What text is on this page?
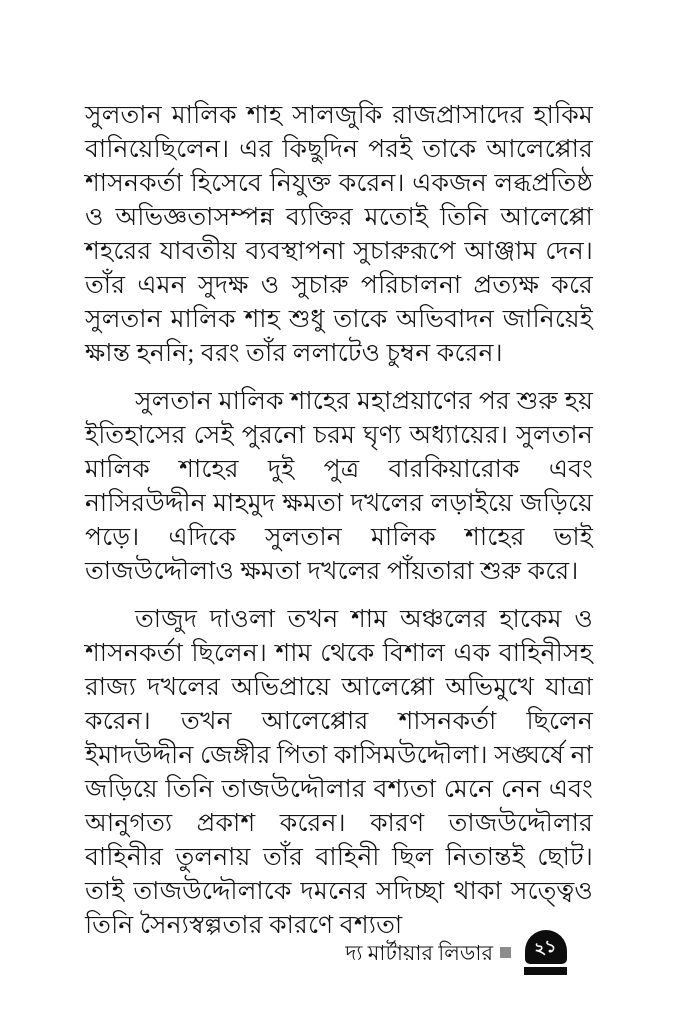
সুলতান মালিক শাহ সালজুকি রাজপ্রাসাদের হাকিম বানিয়েছিলেন। এর কিছুদিন পরই তাকে আলেপ্পোর শাসনকর্তা হিসেবে নিযুক্ত করেন। একজন লব্ধপ্রতিষ্ঠ ও অভিজ্ঞতাসম্পন্ন ব্যক্তির মতোই তিনি আলেপ্পো শহরের যাবতীয় ব্যবস্থাপনা সুচারুরূপে আঞ্জাম দেন। তাঁর এমন সুদক্ষ ও সুচারু পরিচালনা প্রত্যক্ষ করে সুলতান মালিক শাহ শুধু তাকে অভিবাদন জানিয়েই ক্ষান্ত হননি; বরং তাঁর ললাটেও চুম্বন করেন।

সুলতান মালিক শাহের মহাপ্রয়াণের পর শুরু হয় ইতিহাসের সেই পুরনো চরম ঘৃণ্য অধ্যায়ের। সুলতান মালিক শাহের দুই পুত্র বারকিয়ারোক এবং নাসিরউদ্দীন মাহমুদ ক্ষমতা দখলের লড়াইয়ে জড়িয়ে পড়ে। এদিকে সুলতান মালিক শাহের ভাই তাজউদ্দৌলাও ক্ষমতা দখলের পাঁয়তারা শুরু করে।

তাজুদ দাওলা তখন শাম অঞ্চলের হাকেম ও শাসনকর্তা ছিলেন। শাম থেকে বিশাল এক বাহিনীসহ রাজ্য দখলের অভিপ্রায়ে আলেপ্পো অভিমুখে যাত্রা করেন। তখন আলেপ্পোর শাসনকর্তা ছিলেন ইমাদউদ্দীন জেঙ্গীর পিতা কাসিমউদ্দৌলা। সঙ্ঘর্ষে না জড়িয়ে তিনি তাজউদ্দৌলার বশ্যতা মেনে নেন এবং আনুগত্য প্রকাশ করেন। কারণ তাজউদ্দৌলার বাহিনীর তুলনায় তাঁর বাহিনী ছিল নিতান্তই ছোট। তাই তাজউদ্দৌলাকে দমনের সদিচ্ছা থাকা সত্ত্বেও তিনি সৈন্যস্বল্পতার কারণে বশ্যতা

দ্য মার্টায়ার লিডার ২১
